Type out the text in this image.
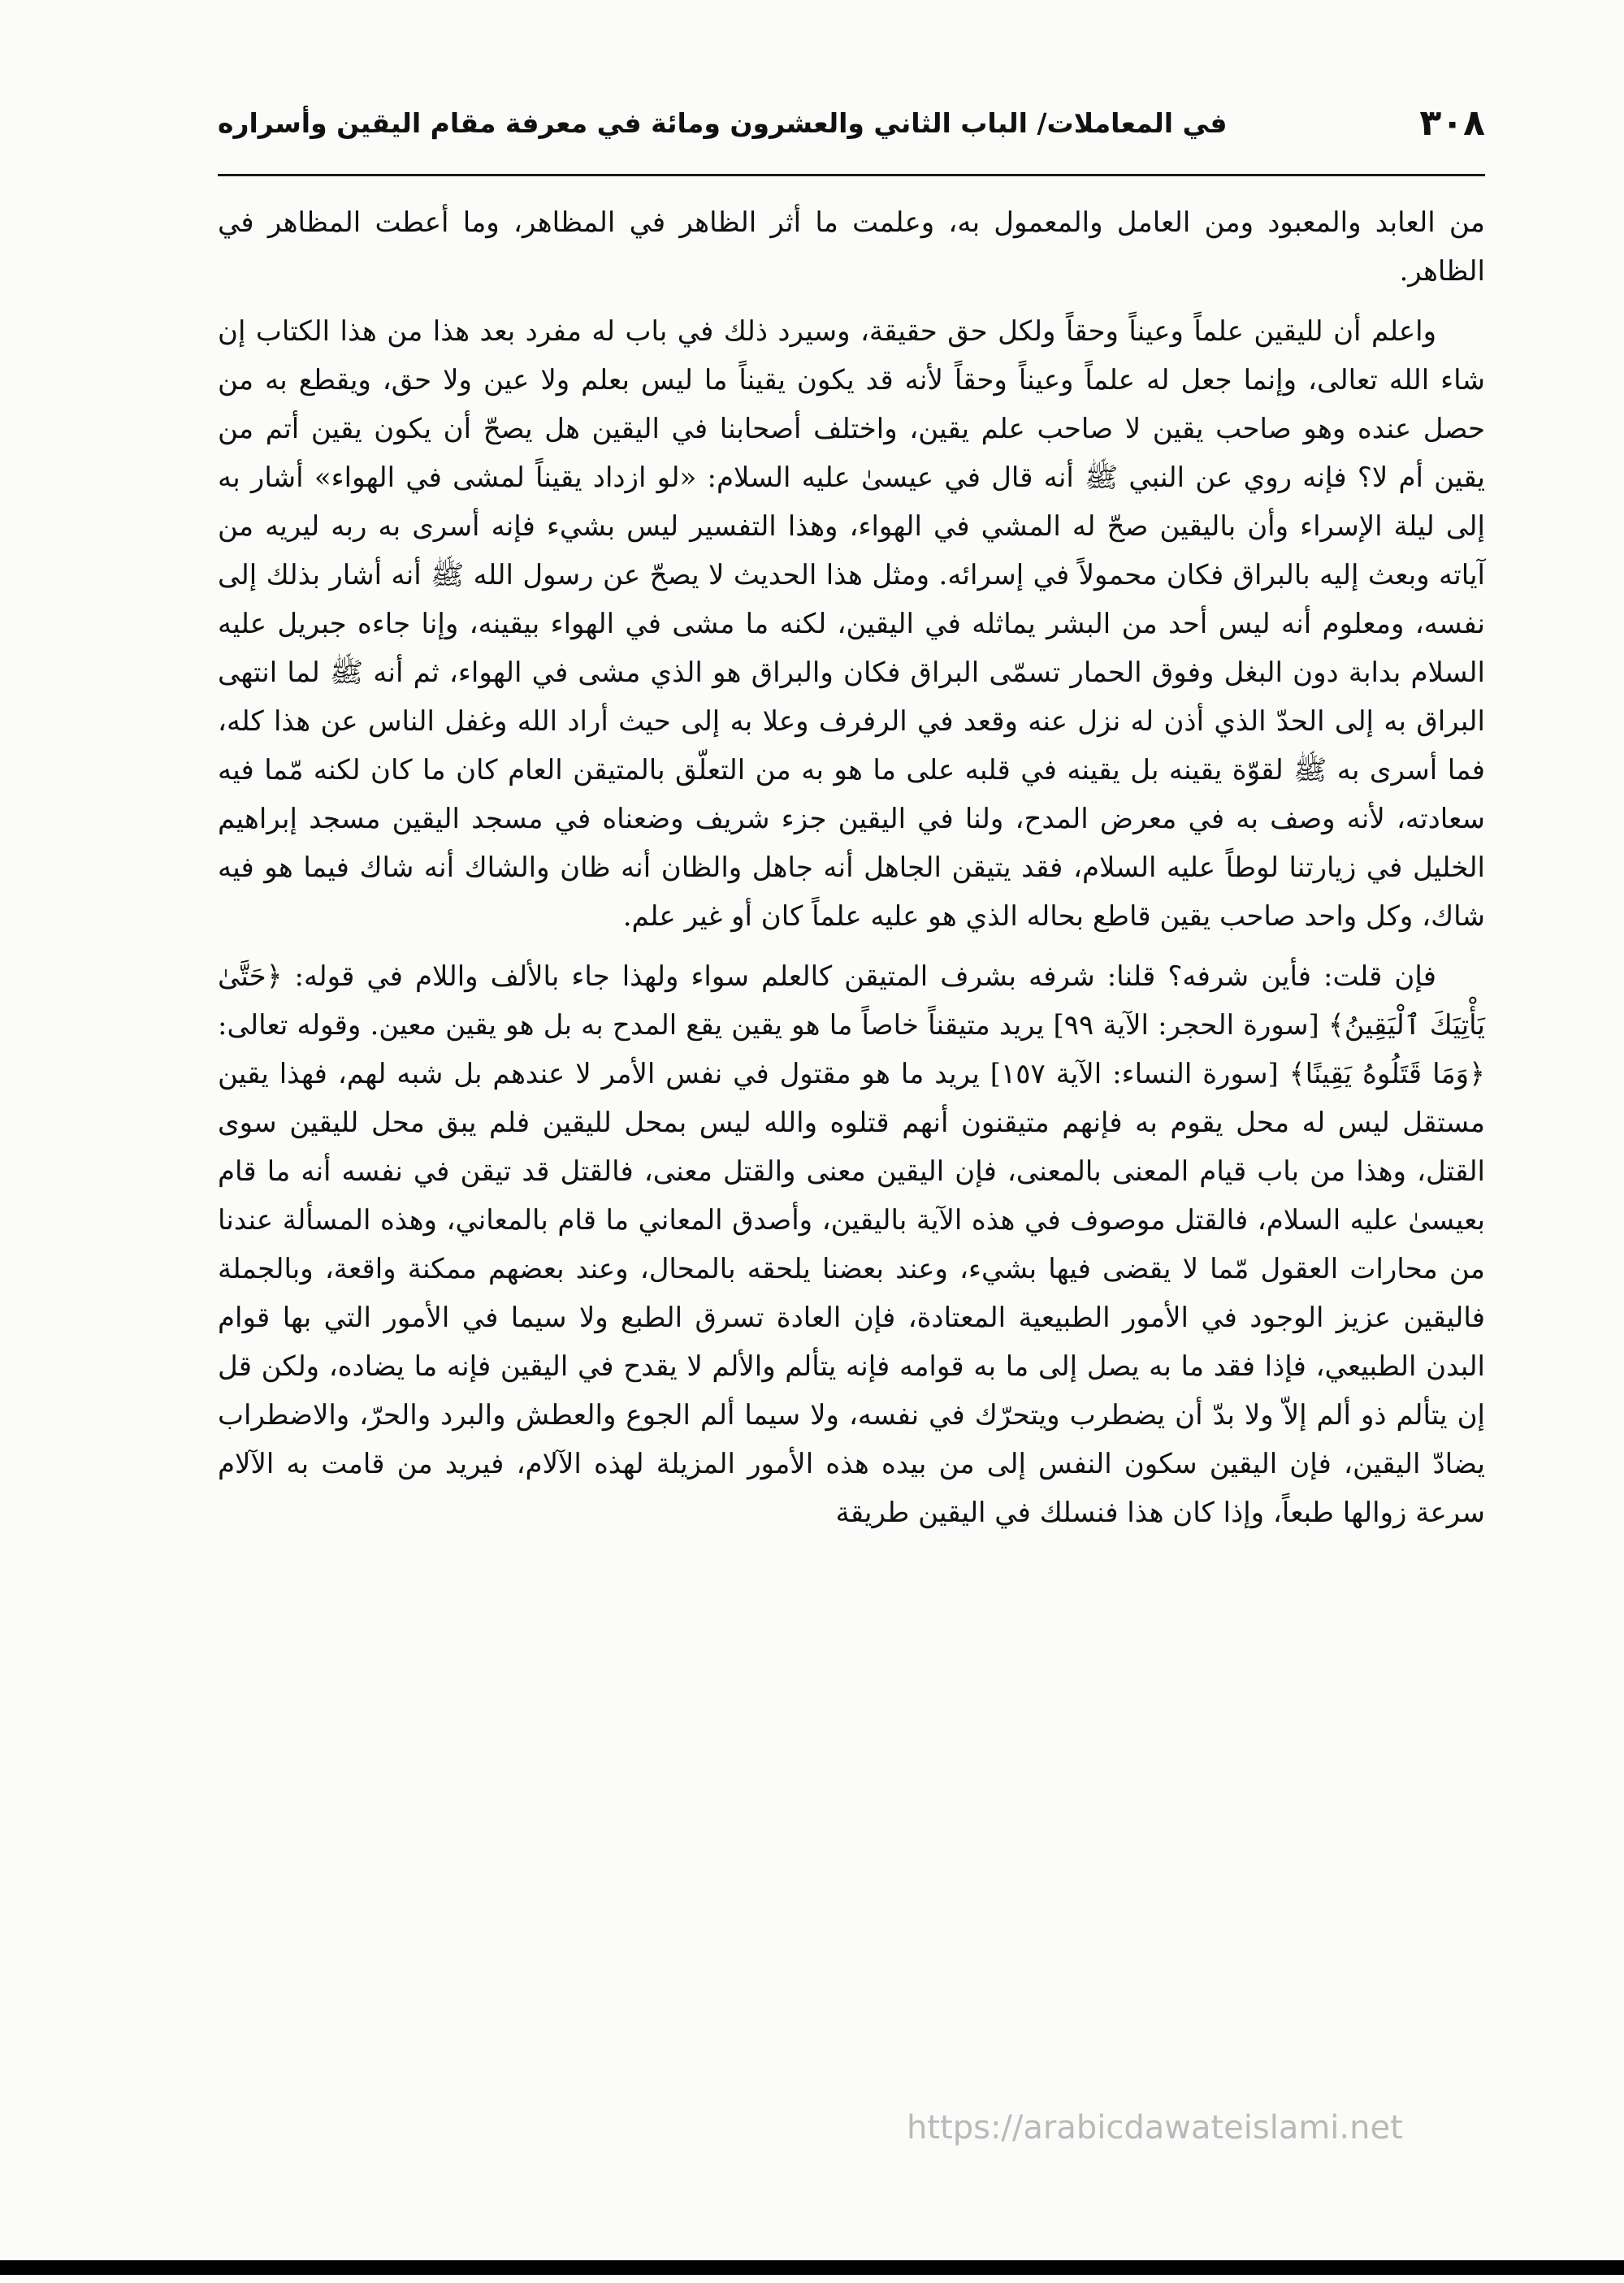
٣٠٨
في المعاملات/ الباب الثاني والعشرون ومائة في معرفة مقام اليقين وأسراره

من العابد والمعبود ومن العامل والمعمول به، وعلمت ما أثر الظاهر في المظاهر، وما أعطت المظاهر في الظاهر.

واعلم أن لليقين علماً وعيناً وحقاً ولكل حق حقيقة، وسيرد ذلك في باب له مفرد بعد هذا من هذا الكتاب إن شاء الله تعالى، وإنما جعل له علماً وعيناً وحقاً لأنه قد يكون يقيناً ما ليس بعلم ولا عين ولا حق، ويقطع به من حصل عنده وهو صاحب يقين لا صاحب علم يقين، واختلف أصحابنا في اليقين هل يصحّ أن يكون يقين أتم من يقين أم لا؟ فإنه روي عن النبي ﷺ أنه قال في عيسىٰ عليه السلام: «لو ازداد يقيناً لمشى في الهواء» أشار به إلى ليلة الإسراء وأن باليقين صحّ له المشي في الهواء، وهذا التفسير ليس بشيء فإنه أسرى به ربه ليريه من آياته وبعث إليه بالبراق فكان محمولاً في إسرائه. ومثل هذا الحديث لا يصحّ عن رسول الله ﷺ أنه أشار بذلك إلى نفسه، ومعلوم أنه ليس أحد من البشر يماثله في اليقين، لكنه ما مشى في الهواء بيقينه، وإنا جاءه جبريل عليه السلام بدابة دون البغل وفوق الحمار تسمّى البراق فكان والبراق هو الذي مشى في الهواء، ثم أنه ﷺ لما انتهى البراق به إلى الحدّ الذي أذن له نزل عنه وقعد في الرفرف وعلا به إلى حيث أراد الله وغفل الناس عن هذا كله، فما أسرى به ﷺ لقوّة يقينه بل يقينه في قلبه على ما هو به من التعلّق بالمتيقن العام كان ما كان لكنه مّما فيه سعادته، لأنه وصف به في معرض المدح، ولنا في اليقين جزء شريف وضعناه في مسجد اليقين مسجد إبراهيم الخليل في زيارتنا لوطاً عليه السلام، فقد يتيقن الجاهل أنه جاهل والظان أنه ظان والشاك أنه شاك فيما هو فيه شاك، وكل واحد صاحب يقين قاطع بحاله الذي هو عليه علماً كان أو غير علم.

فإن قلت: فأين شرفه؟ قلنا: شرفه بشرف المتيقن كالعلم سواء ولهذا جاء بالألف واللام في قوله: ﴿حَتَّىٰ يَأْتِيَكَ ٱلْيَقِينُ﴾ [سورة الحجر: الآية ٩٩] يريد متيقناً خاصاً ما هو يقين يقع المدح به بل هو يقين معين. وقوله تعالى: ﴿وَمَا قَتَلُوهُ يَقِينًا﴾ [سورة النساء: الآية ١٥٧] يريد ما هو مقتول في نفس الأمر لا عندهم بل شبه لهم، فهذا يقين مستقل ليس له محل يقوم به فإنهم متيقنون أنهم قتلوه والله ليس بمحل لليقين فلم يبق محل لليقين سوى القتل، وهذا من باب قيام المعنى بالمعنى، فإن اليقين معنى والقتل معنى، فالقتل قد تيقن في نفسه أنه ما قام بعيسىٰ عليه السلام، فالقتل موصوف في هذه الآية باليقين، وأصدق المعاني ما قام بالمعاني، وهذه المسألة عندنا من محارات العقول مّما لا يقضى فيها بشيء، وعند بعضنا يلحقه بالمحال، وعند بعضهم ممكنة واقعة، وبالجملة فاليقين عزيز الوجود في الأمور الطبيعية المعتادة، فإن العادة تسرق الطبع ولا سيما في الأمور التي بها قوام البدن الطبيعي، فإذا فقد ما به يصل إلى ما به قوامه فإنه يتألم والألم لا يقدح في اليقين فإنه ما يضاده، ولكن قل إن يتألم ذو ألم إلاّ ولا بدّ أن يضطرب ويتحرّك في نفسه، ولا سيما ألم الجوع والعطش والبرد والحرّ، والاضطراب يضادّ اليقين، فإن اليقين سكون النفس إلى من بيده هذه الأمور المزيلة لهذه الآلام، فيريد من قامت به الآلام سرعة زوالها طبعاً، وإذا كان هذا فنسلك في اليقين طريقة

https://arabicdawateislami.net
